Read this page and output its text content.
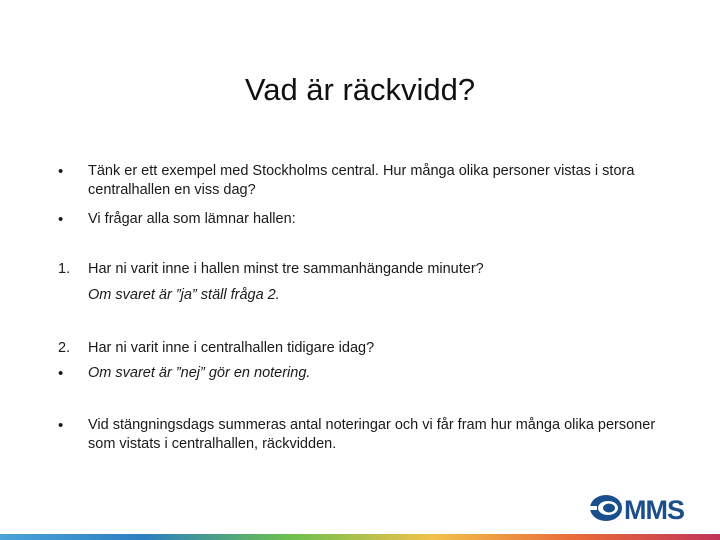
Vad är räckvidd?
•	Tänk er ett exempel med Stockholms central. Hur många olika personer vistas i stora centralhallen en viss dag?
•	Vi frågar alla som lämnar hallen:
1.	Har ni varit inne i hallen minst tre sammanhängande minuter?
Om svaret är ”ja” ställ fråga 2.
2.	Har ni varit inne i centralhallen tidigare idag?
•	Om svaret är ”nej” gör en notering.
•	Vid stängningsdags summeras antal noteringar och vi får fram hur många olika personer som vistats i centralhallen, räckvidden.
MMS
